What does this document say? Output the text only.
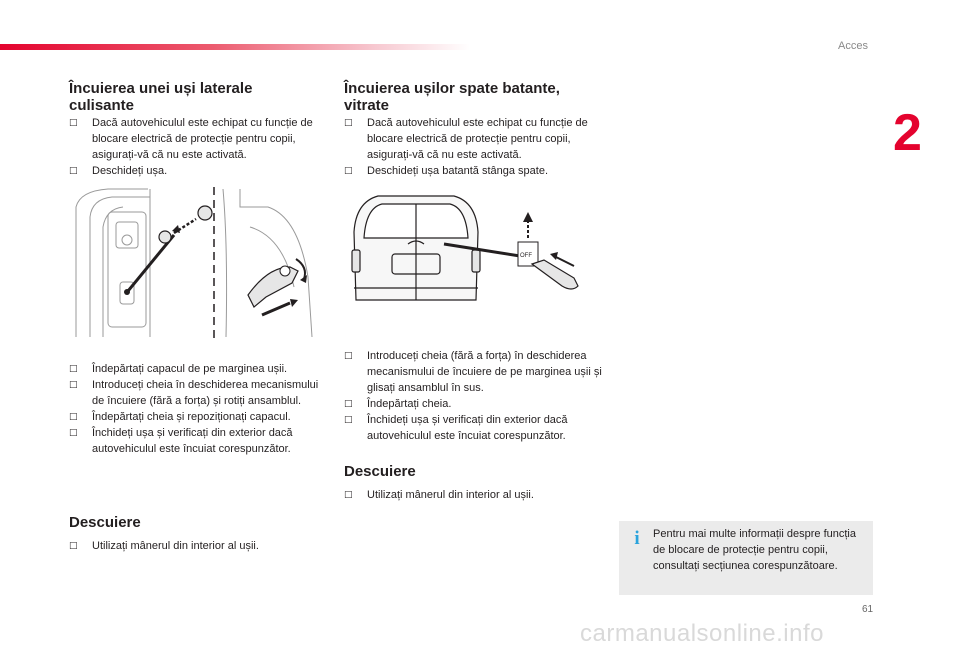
Acces
2
Încuierea unei uși laterale culisante
□ Dacă autovehiculul este echipat cu funcție de blocare electrică de protecție pentru copii, asigurați-vă că nu este activată.
□ Deschideți ușa.
□ Îndepărtați capacul de pe marginea ușii.
□ Introduceți cheia în deschiderea mecanismului de încuiere (fără a forța) și rotiți ansamblul.
□ Îndepărtați cheia și repoziționați capacul.
□ Închideți ușa și verificați din exterior dacă autovehiculul este încuiat corespunzător.
Descuiere
□ Utilizați mânerul din interior al ușii.
Încuierea ușilor spate batante, vitrate
□ Dacă autovehiculul este echipat cu funcție de blocare electrică de protecție pentru copii, asigurați-vă că nu este activată.
□ Deschideți ușa batantă stânga spate.
OFF
□ Introduceți cheia (fără a forța) în deschiderea mecanismului de încuiere de pe marginea ușii și glisați ansamblul în sus.
□ Îndepărtați cheia.
□ Închideți ușa și verificați din exterior dacă autovehiculul este încuiat corespunzător.
Descuiere
□ Utilizați mânerul din interior al ușii.
i	Pentru mai multe informații despre funcția de blocare de protecție pentru copii, consultați secțiunea corespunzătoare.
61
carmanualsonline.info
